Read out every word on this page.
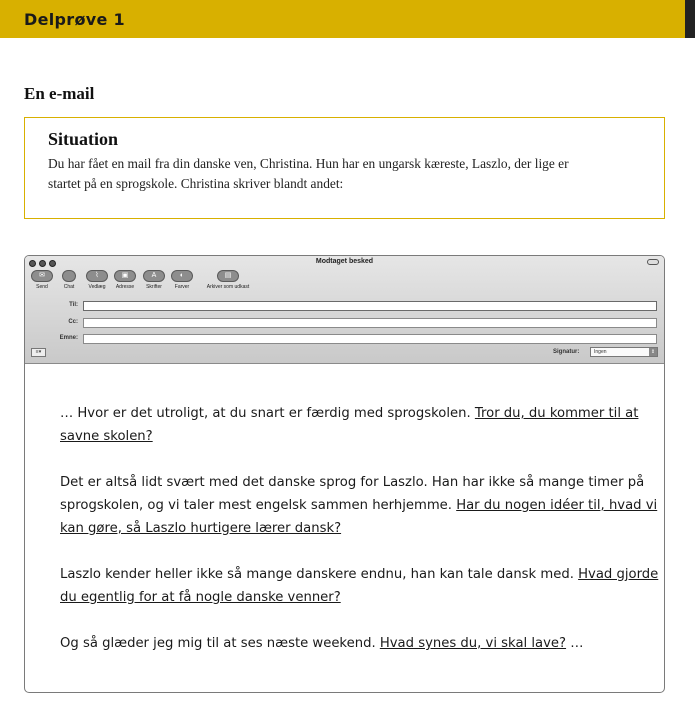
Delprøve 1
En e-mail
Situation
Du har fået en mail fra din danske ven, Christina. Hun har en ungarsk kæreste, Laszlo, der lige er
startet på en sprogskole. Christina skriver blandt andet:
Modtaget besked
✉
Send	Chat
⌇
Vedlæg
▣
Adresse
A
Skrifter
◐
Farver
▤
Arkiver som udkast
Til:
Cc:
Emne:
≡▾	Signatur:	Ingen	⇕

… Hvor er det utroligt, at du snart er færdig med sprogskolen. Tror du, du kommer til at savne skolen?

Det er altså lidt svært med det danske sprog for Laszlo. Han har ikke så mange timer på sprogskolen, og vi taler mest engelsk sammen herhjemme. Har du nogen idéer til, hvad vi kan gøre, så Laszlo hurtigere lærer dansk?

Laszlo kender heller ikke så mange danskere endnu, han kan tale dansk med. Hvad gjorde du egentlig for at få nogle danske venner?

Og så glæder jeg mig til at ses næste weekend. Hvad synes du, vi skal lave? …
